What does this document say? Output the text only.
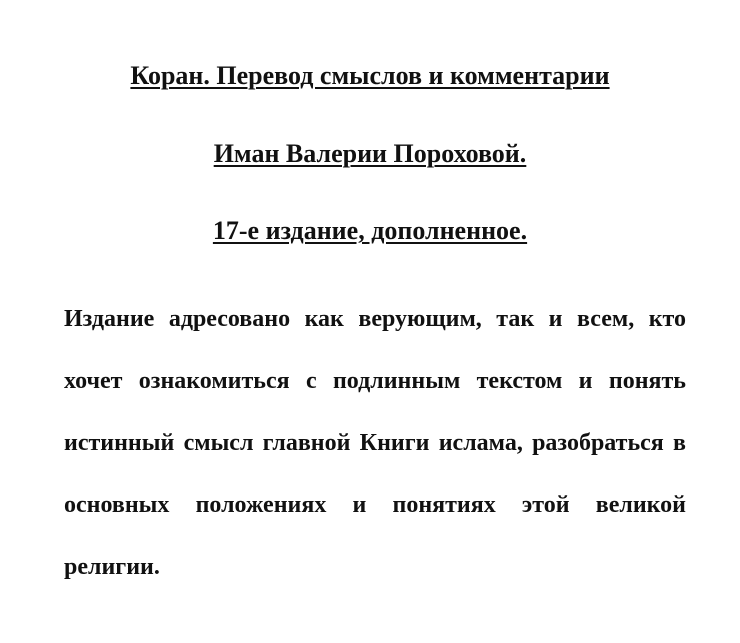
Коран. Перевод смыслов и комментарии
Иман Валерии Пороховой.
17-е издание, дополненное.

Издание адресовано как верующим, так и всем, кто хочет ознакомиться с подлинным текстом и понять истинный смысл главной Книги ислама, разобраться в основных положениях и понятиях этой великой религии.
